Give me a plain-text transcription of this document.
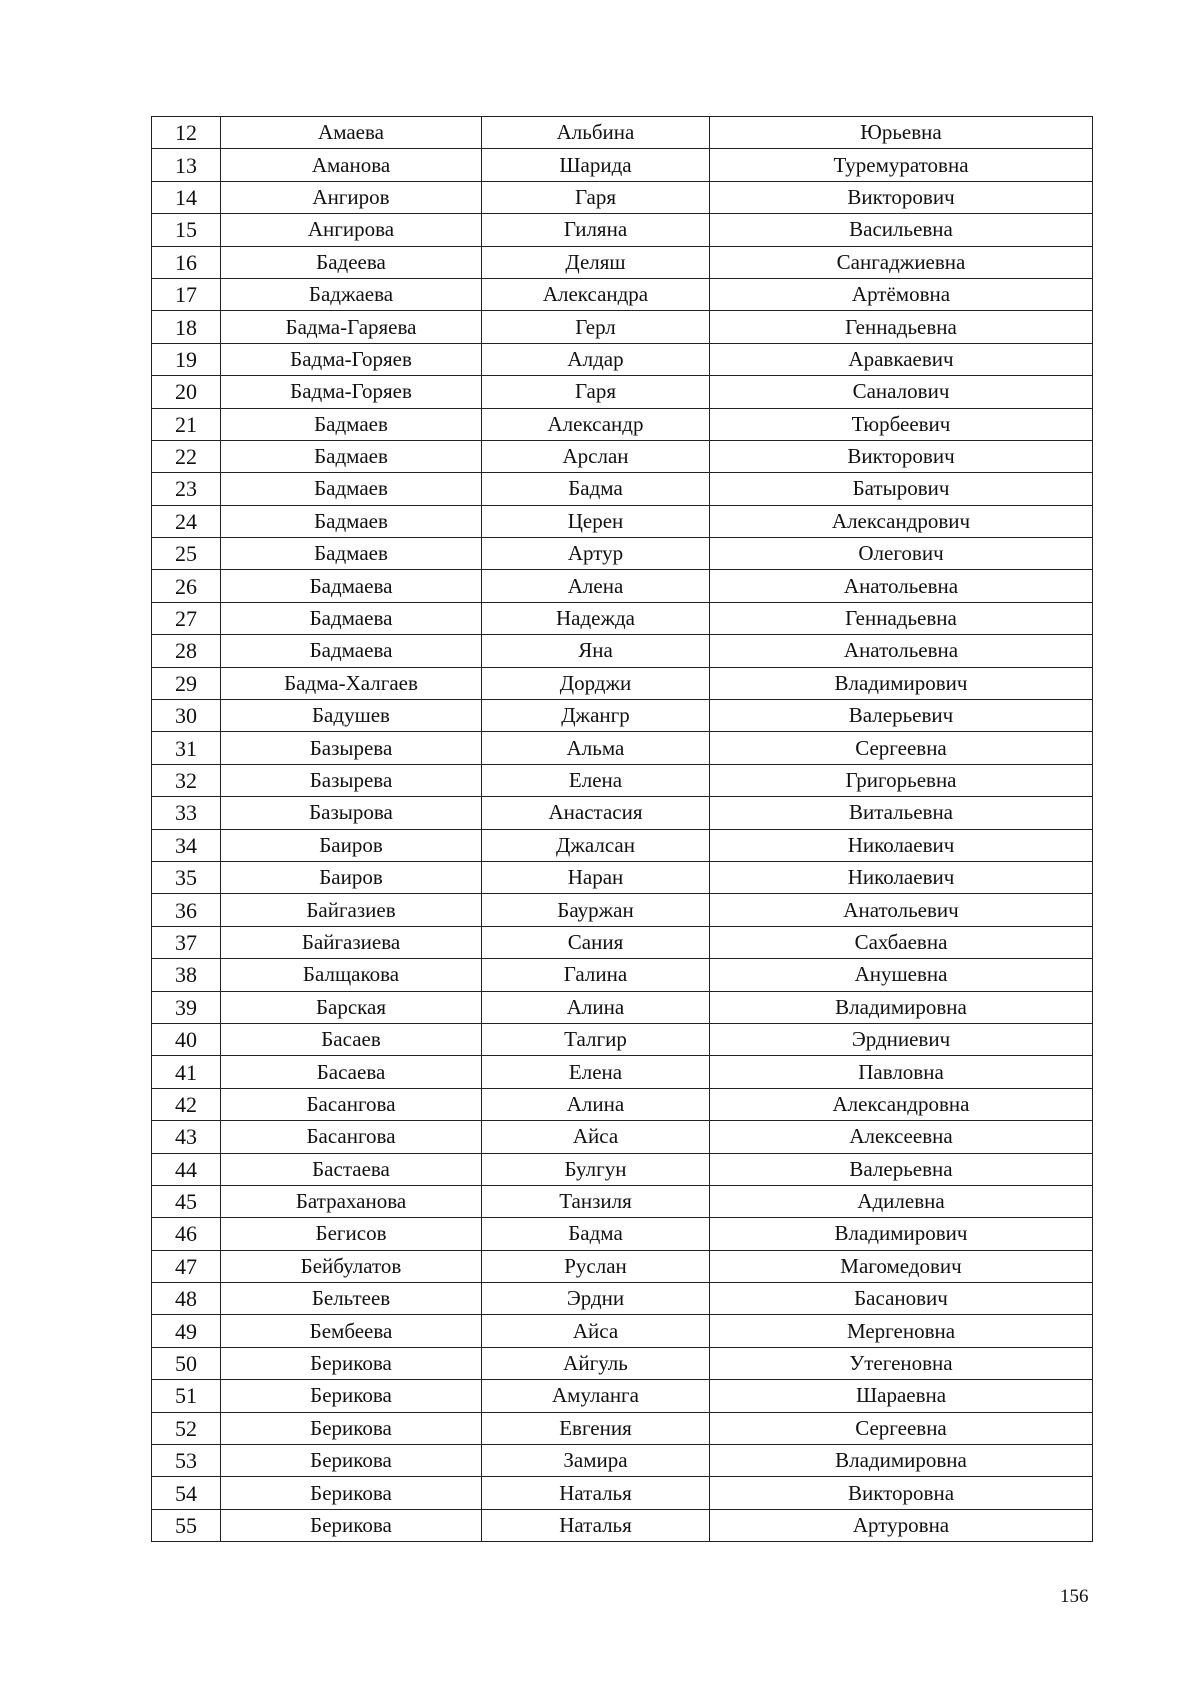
12	Амаева	Альбина	Юрьевна
13	Аманова	Шарида	Туремуратовна
14	Ангиров	Гаря	Викторович
15	Ангирова	Гиляна	Васильевна
16	Бадеева	Деляш	Сангаджиевна
17	Баджаева	Александра	Артёмовна
18	Бадма-Гаряева	Герл	Геннадьевна
19	Бадма-Горяев	Алдар	Аравкаевич
20	Бадма-Горяев	Гаря	Саналович
21	Бадмаев	Александр	Тюрбеевич
22	Бадмаев	Арслан	Викторович
23	Бадмаев	Бадма	Батырович
24	Бадмаев	Церен	Александрович
25	Бадмаев	Артур	Олегович
26	Бадмаева	Алена	Анатольевна
27	Бадмаева	Надежда	Геннадьевна
28	Бадмаева	Яна	Анатольевна
29	Бадма-Халгаев	Дорджи	Владимирович
30	Бадушев	Джангр	Валерьевич
31	Базырева	Альма	Сергеевна
32	Базырева	Елена	Григорьевна
33	Базырова	Анастасия	Витальевна
34	Баиров	Джалсан	Николаевич
35	Баиров	Наран	Николаевич
36	Байгазиев	Бауржан	Анатольевич
37	Байгазиева	Сания	Сахбаевна
38	Балщакова	Галина	Анушевна
39	Барская	Алина	Владимировна
40	Басаев	Талгир	Эрдниевич
41	Басаева	Елена	Павловна
42	Басангова	Алина	Александровна
43	Басангова	Айса	Алексеевна
44	Бастаева	Булгун	Валерьевна
45	Батраханова	Танзиля	Адилевна
46	Бегисов	Бадма	Владимирович
47	Бейбулатов	Руслан	Магомедович
48	Бельтеев	Эрдни	Басанович
49	Бембеева	Айса	Мергеновна
50	Берикова	Айгуль	Утегеновна
51	Берикова	Амуланга	Шараевна
52	Берикова	Евгения	Сергеевна
53	Берикова	Замира	Владимировна
54	Берикова	Наталья	Викторовна
55	Берикова	Наталья	Артуровна
156
